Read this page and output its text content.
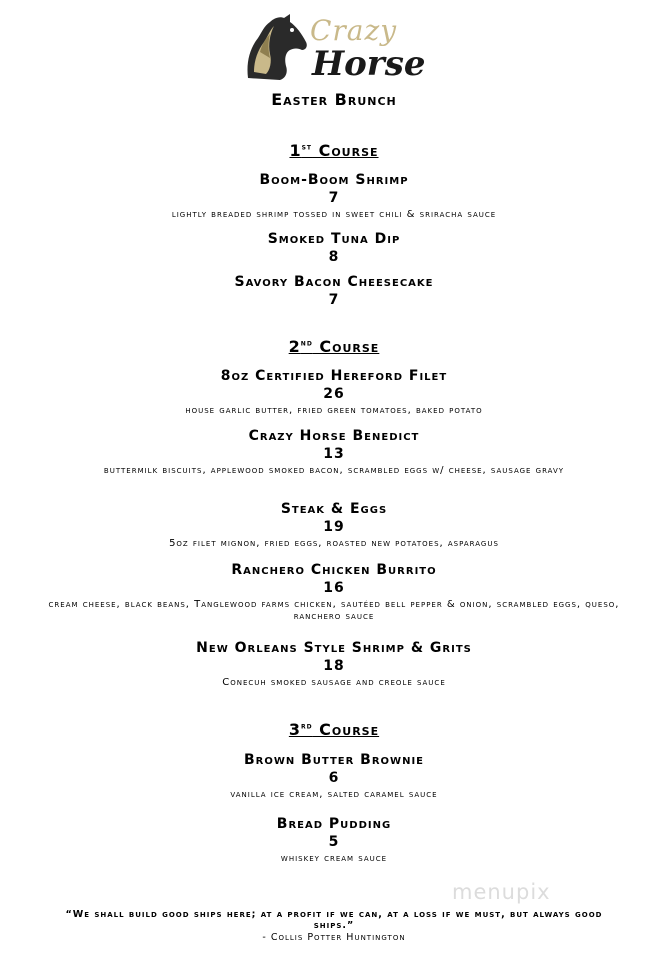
Crazy
Horse
Easter Brunch
1st Course
Boom-Boom Shrimp
7
lightly breaded shrimp tossed in sweet chili & sriracha sauce
Smoked Tuna Dip
8
Savory Bacon Cheesecake
7
2nd Course
8oz Certified Hereford Filet
26
house garlic butter, fried green tomatoes, baked potato
Crazy Horse Benedict
13
buttermilk biscuits, applewood smoked bacon, scrambled eggs w/ cheese, sausage gravy
Steak & Eggs
19
5oz filet mignon, fried eggs, roasted new potatoes, asparagus
Ranchero Chicken Burrito
16
cream cheese, black beans, Tanglewood farms chicken, sautéed bell pepper & onion, scrambled eggs, queso, ranchero sauce
New Orleans Style Shrimp & Grits
18
Conecuh smoked sausage and creole sauce
3rd Course
Brown Butter Brownie
6
vanilla ice cream, salted caramel sauce
Bread Pudding
5
whiskey cream sauce
menupix
“We shall build good ships here; at a profit if we can, at a loss if we must, but always good ships.”
- Collis Potter Huntington
